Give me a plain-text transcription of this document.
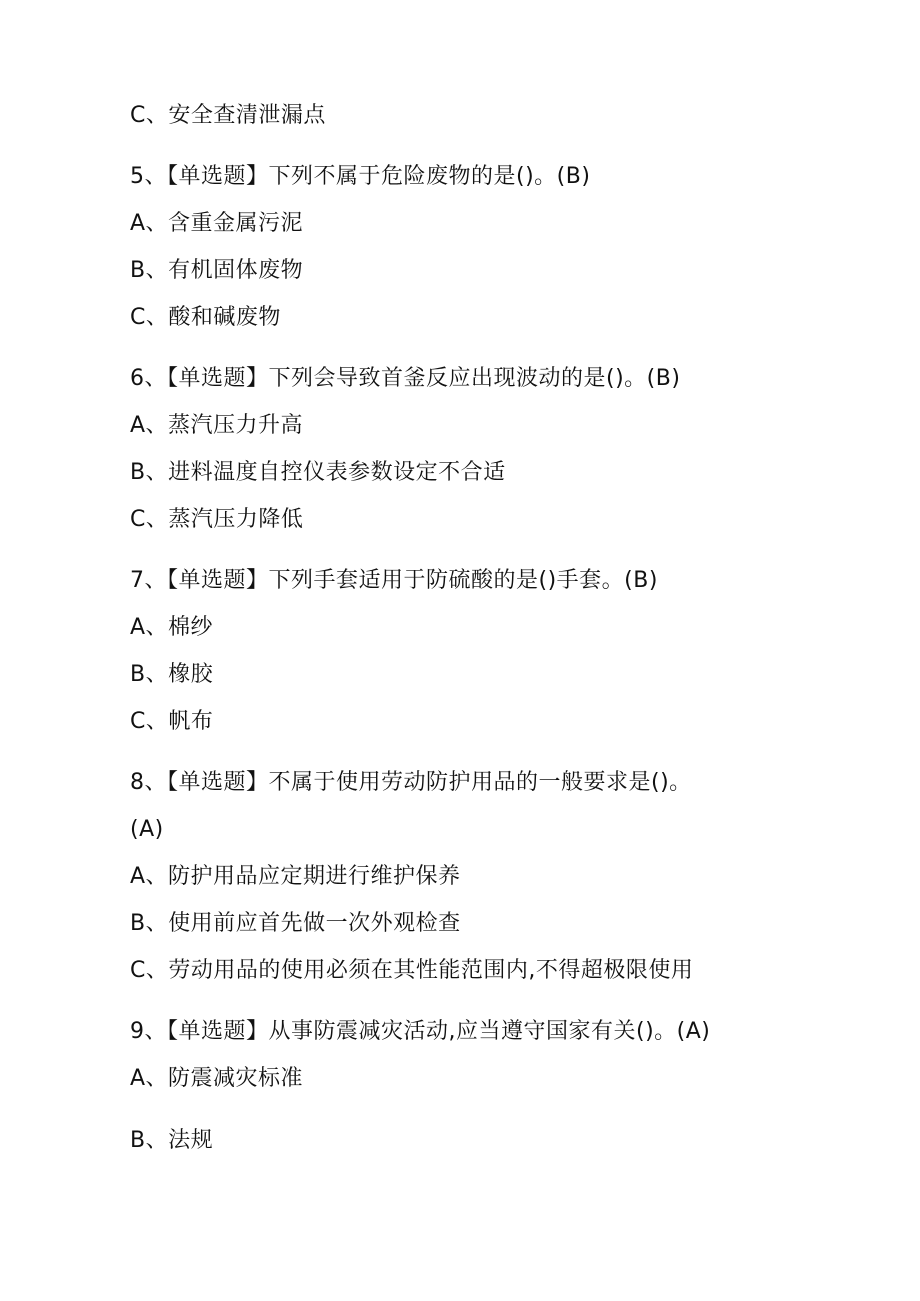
C、安全查清泄漏点
5、【单选题】下列不属于危险废物的是()。(B)
A、含重金属污泥
B、有机固体废物
C、酸和碱废物
6、【单选题】下列会导致首釜反应出现波动的是()。(B)
A、蒸汽压力升高
B、进料温度自控仪表参数设定不合适
C、蒸汽压力降低
7、【单选题】下列手套适用于防硫酸的是()手套。(B)
A、棉纱
B、橡胶
C、帆布
8、【单选题】不属于使用劳动防护用品的一般要求是()。
(A)
A、防护用品应定期进行维护保养
B、使用前应首先做一次外观检查
C、劳动用品的使用必须在其性能范围内,不得超极限使用
9、【单选题】从事防震减灾活动,应当遵守国家有关()。(A)
A、防震减灾标准
B、法规
